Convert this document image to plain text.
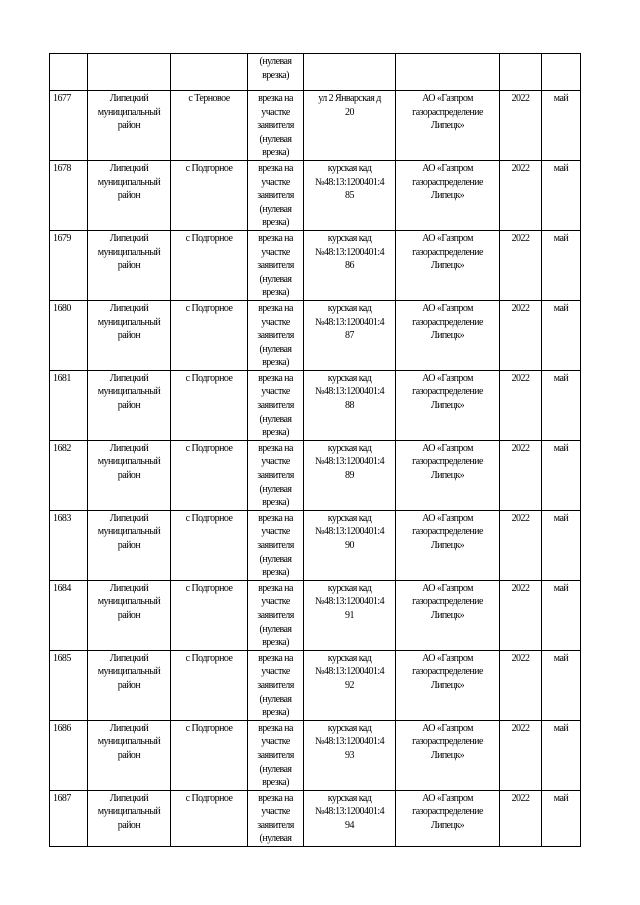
			(нулевая
врезка)				

1677	Липецкий
муниципальный
район	с Терновое	врезка на
участке
заявителя
(нулевая
врезка)	ул 2 Январская д
20	АО «Газпром
газораспределение
Липецк»	2022	май

1678	Липецкий
муниципальный
район	с Подгорное	врезка на
участке
заявителя
(нулевая
врезка)	курская кад
№48:13:1200401:4
85	АО «Газпром
газораспределение
Липецк»	2022	май

1679	Липецкий
муниципальный
район	с Подгорное	врезка на
участке
заявителя
(нулевая
врезка)	курская кад
№48:13:1200401:4
86	АО «Газпром
газораспределение
Липецк»	2022	май

1680	Липецкий
муниципальный
район	с Подгорное	врезка на
участке
заявителя
(нулевая
врезка)	курская кад
№48:13:1200401:4
87	АО «Газпром
газораспределение
Липецк»	2022	май

1681	Липецкий
муниципальный
район	с Подгорное	врезка на
участке
заявителя
(нулевая
врезка)	курская кад
№48:13:1200401:4
88	АО «Газпром
газораспределение
Липецк»	2022	май

1682	Липецкий
муниципальный
район	с Подгорное	врезка на
участке
заявителя
(нулевая
врезка)	курская кад
№48:13:1200401:4
89	АО «Газпром
газораспределение
Липецк»	2022	май

1683	Липецкий
муниципальный
район	с Подгорное	врезка на
участке
заявителя
(нулевая
врезка)	курская кад
№48:13:1200401:4
90	АО «Газпром
газораспределение
Липецк»	2022	май

1684	Липецкий
муниципальный
район	с Подгорное	врезка на
участке
заявителя
(нулевая
врезка)	курская кад
№48:13:1200401:4
91	АО «Газпром
газораспределение
Липецк»	2022	май

1685	Липецкий
муниципальный
район	с Подгорное	врезка на
участке
заявителя
(нулевая
врезка)	курская кад
№48:13:1200401:4
92	АО «Газпром
газораспределение
Липецк»	2022	май

1686	Липецкий
муниципальный
район	с Подгорное	врезка на
участке
заявителя
(нулевая
врезка)	курская кад
№48:13:1200401:4
93	АО «Газпром
газораспределение
Липецк»	2022	май

1687	Липецкий
муниципальный
район	с Подгорное	врезка на
участке
заявителя
(нулевая	курская кад
№48:13:1200401:4
94	АО «Газпром
газораспределение
Липецк»	2022	май
